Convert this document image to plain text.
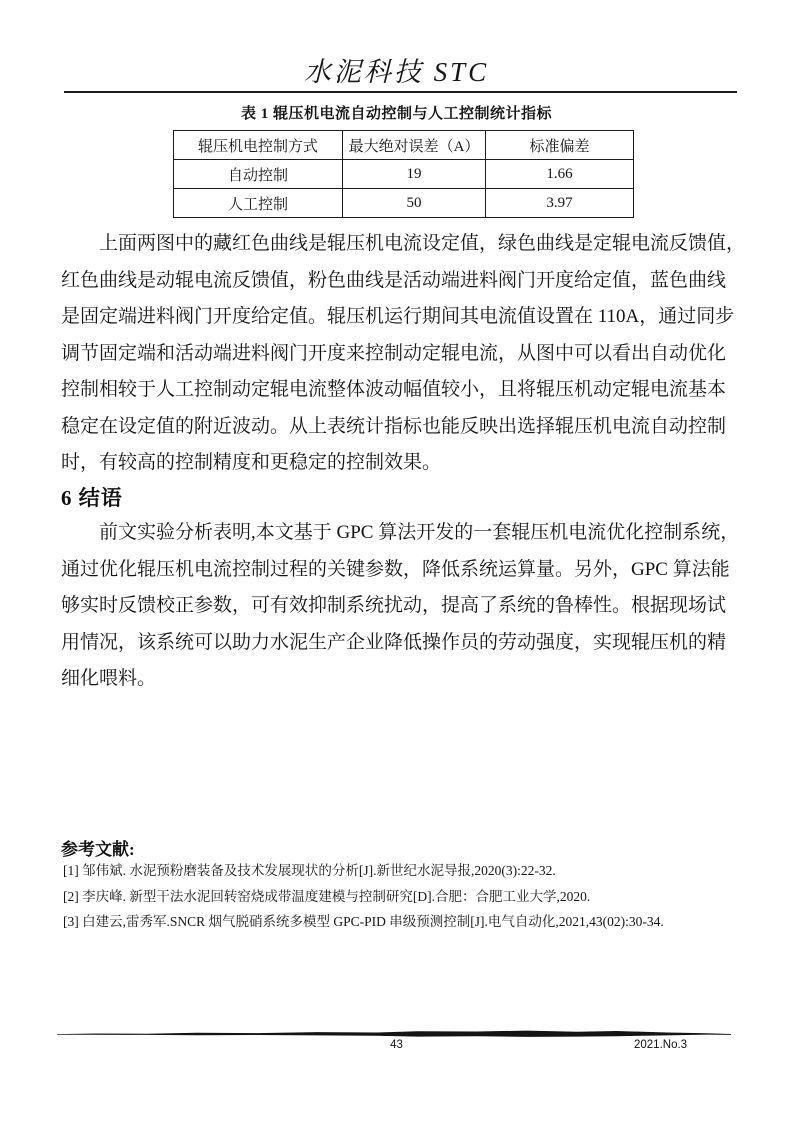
水泥科技 STC
表 1 辊压机电流自动控制与人工控制统计指标
辊压机电控制方式	最大绝对误差（A）	标准偏差
自动控制	19	1.66
人工控制	50	3.97
上面两图中的藏红色曲线是辊压机电流设定值，绿色曲线是定辊电流反馈值，
红色曲线是动辊电流反馈值，粉色曲线是活动端进料阀门开度给定值，蓝色曲线
是固定端进料阀门开度给定值。辊压机运行期间其电流值设置在 110A，通过同步
调节固定端和活动端进料阀门开度来控制动定辊电流，从图中可以看出自动优化
控制相较于人工控制动定辊电流整体波动幅值较小，且将辊压机动定辊电流基本
稳定在设定值的附近波动。从上表统计指标也能反映出选择辊压机电流自动控制
时，有较高的控制精度和更稳定的控制效果。
6 结语
前文实验分析表明,本文基于 GPC 算法开发的一套辊压机电流优化控制系统，
通过优化辊压机电流控制过程的关键参数，降低系统运算量。另外，GPC 算法能
够实时反馈校正参数，可有效抑制系统扰动，提高了系统的鲁棒性。根据现场试
用情况，该系统可以助力水泥生产企业降低操作员的劳动强度，实现辊压机的精
细化喂料。
参考文献:
[1] 邹伟斌. 水泥预粉磨装备及技术发展现状的分析[J].新世纪水泥导报,2020(3):22-32.
[2] 李庆峰. 新型干法水泥回转窑烧成带温度建模与控制研究[D].合肥：合肥工业大学,2020.
[3] 白建云,雷秀军.SNCR 烟气脱硝系统多模型 GPC-PID 串级预测控制[J].电气自动化,2021,43(02):30-34.
43	2021.No.3
